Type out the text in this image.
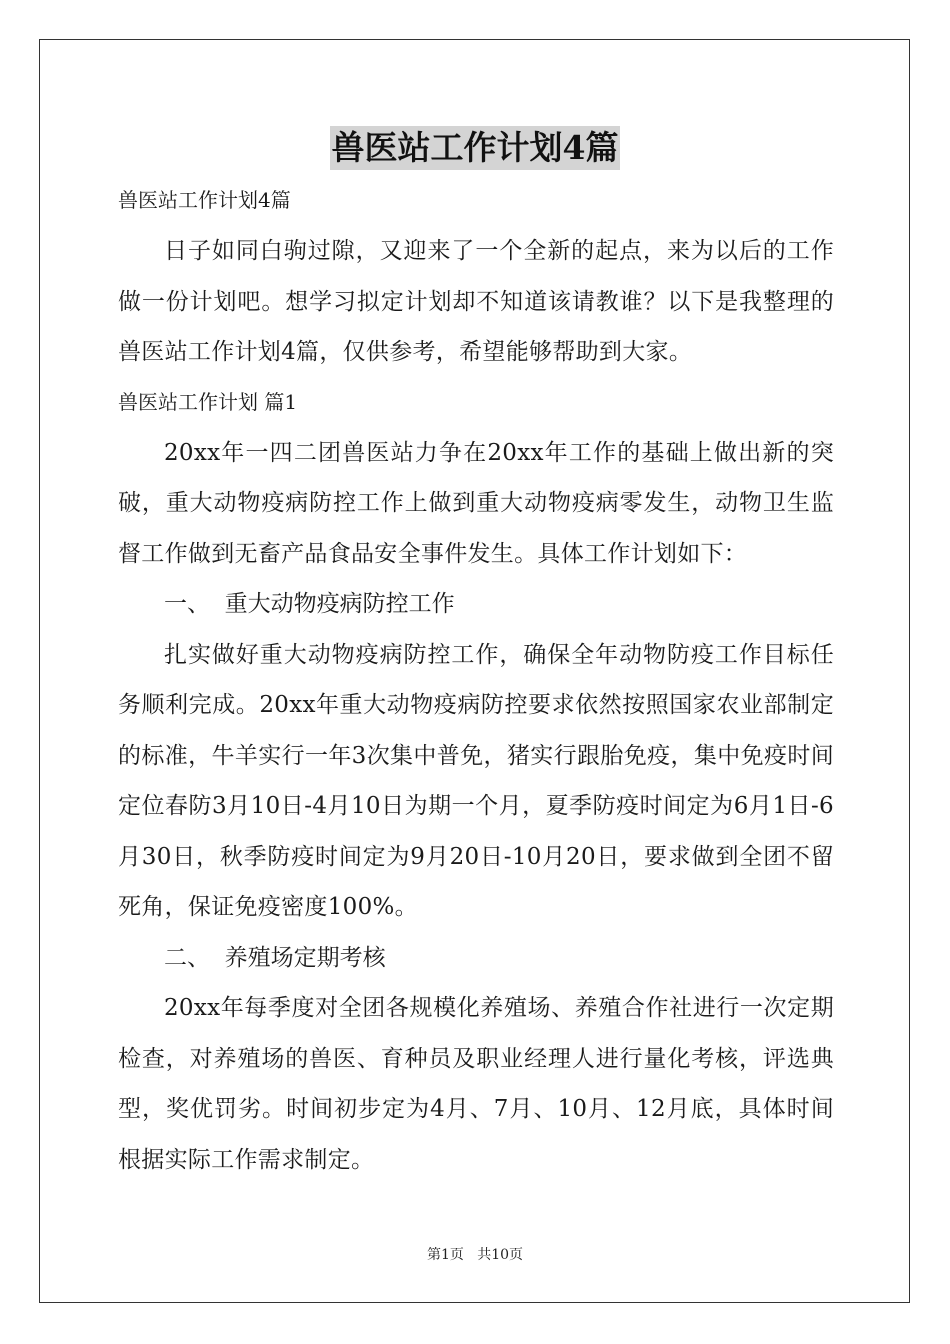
兽医站工作计划4篇

兽医站工作计划4篇

日子如同白驹过隙，又迎来了一个全新的起点，来为以后的工作做一份计划吧。想学习拟定计划却不知道该请教谁？以下是我整理的兽医站工作计划4篇，仅供参考，希望能够帮助到大家。

兽医站工作计划 篇1

20xx年一四二团兽医站力争在20xx年工作的基础上做出新的突破，重大动物疫病防控工作上做到重大动物疫病零发生，动物卫生监督工作做到无畜产品食品安全事件发生。具体工作计划如下：

一、  重大动物疫病防控工作

扎实做好重大动物疫病防控工作，确保全年动物防疫工作目标任务顺利完成。20xx年重大动物疫病防控要求依然按照国家农业部制定的标准，牛羊实行一年3次集中普免，猪实行跟胎免疫，集中免疫时间定位春防3月10日-4月10日为期一个月，夏季防疫时间定为6月1日-6月30日，秋季防疫时间定为9月20日-10月20日，要求做到全团不留死角，保证免疫密度100%。

二、  养殖场定期考核

20xx年每季度对全团各规模化养殖场、养殖合作社进行一次定期检查，对养殖场的兽医、育种员及职业经理人进行量化考核，评选典型，奖优罚劣。时间初步定为4月、7月、10月、12月底，具体时间根据实际工作需求制定。

第1页   共10页
